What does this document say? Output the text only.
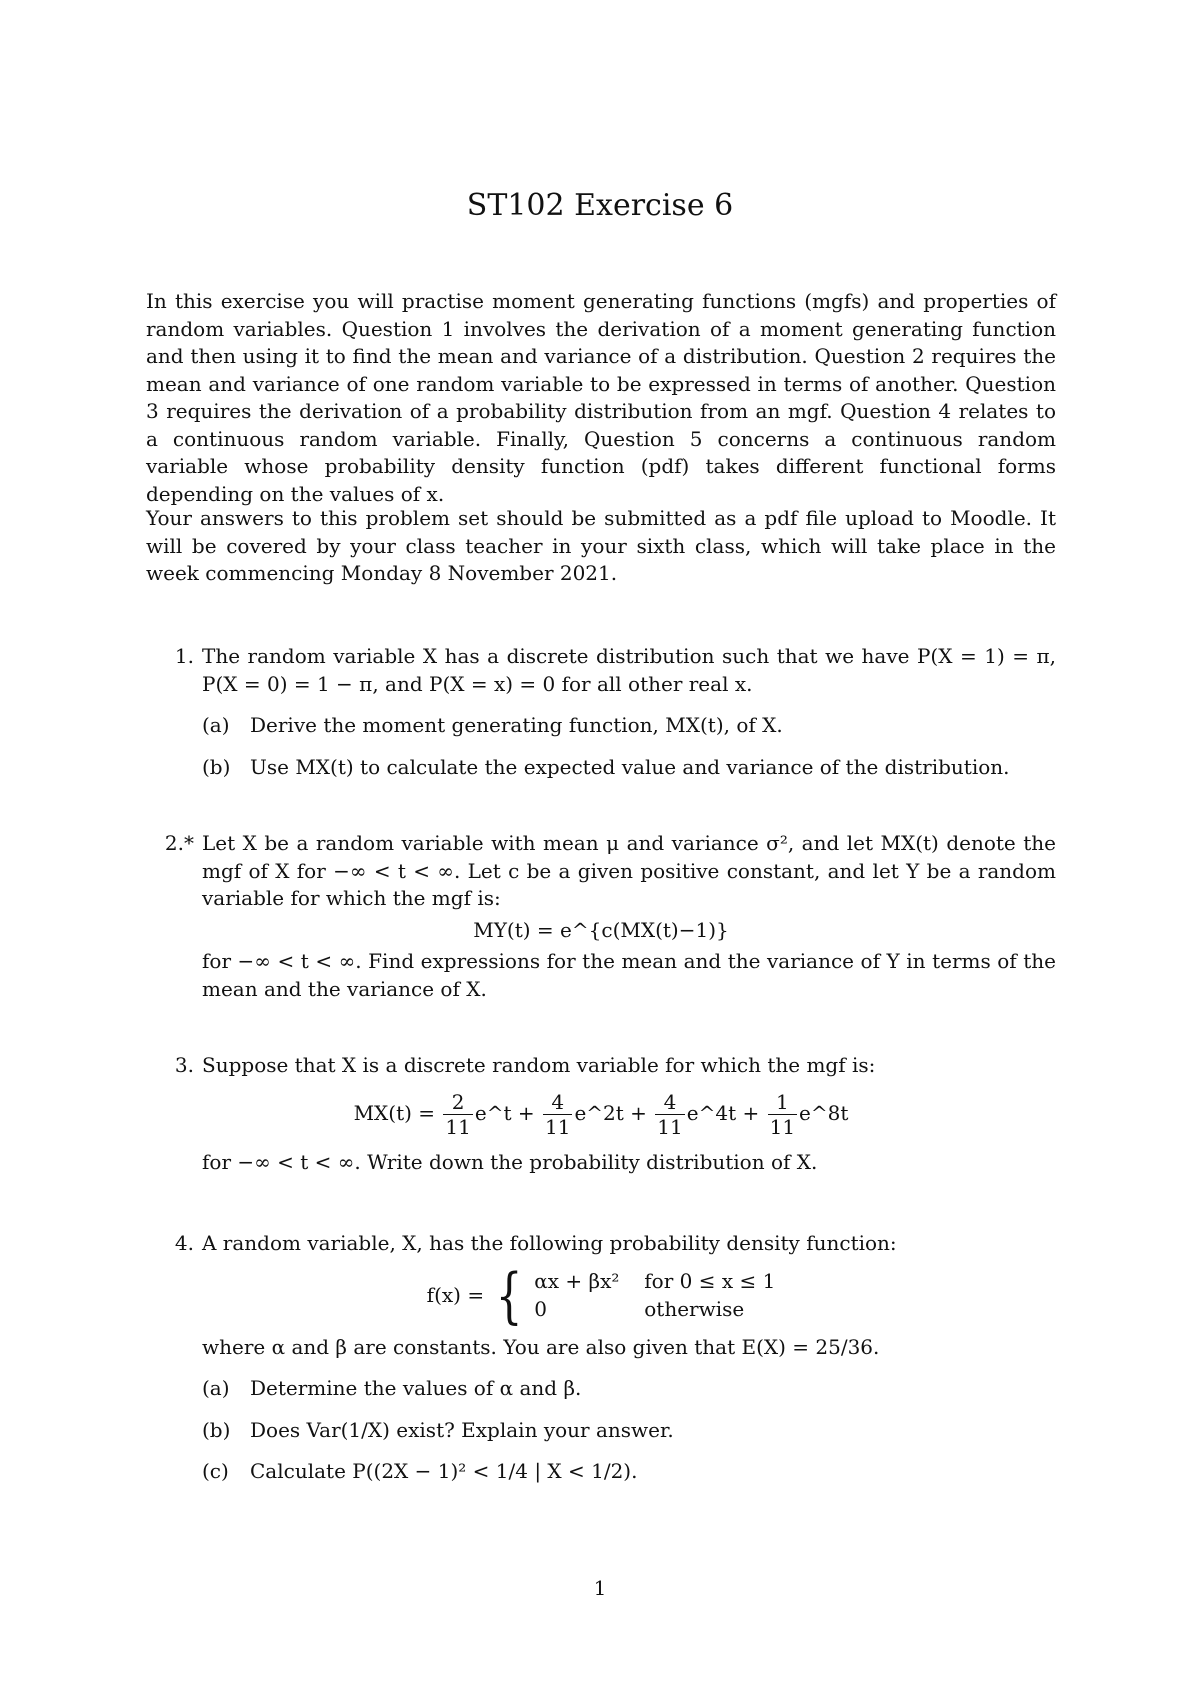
ST102 Exercise 6

In this exercise you will practise moment generating functions (mgfs) and properties of random variables. Question 1 involves the derivation of a moment generating function and then using it to find the mean and variance of a distribution. Question 2 requires the mean and variance of one random variable to be expressed in terms of another. Question 3 requires the derivation of a probability distribution from an mgf. Question 4 relates to a continuous random variable. Finally, Question 5 concerns a continuous random variable whose probability density function (pdf) takes different functional forms depending on the values of x.

Your answers to this problem set should be submitted as a pdf file upload to Moodle. It will be covered by your class teacher in your sixth class, which will take place in the week commencing Monday 8 November 2021.

1. The random variable X has a discrete distribution such that we have P(X = 1) = π, P(X = 0) = 1 − π, and P(X = x) = 0 for all other real x.
(a) Derive the moment generating function, MX(t), of X.
(b) Use MX(t) to calculate the expected value and variance of the distribution.
2.* Let X be a random variable with mean μ and variance σ², and let MX(t) denote the mgf of X for −∞ < t < ∞. Let c be a given positive constant, and let Y be a random variable for which the mgf is:
MY(t) = e^{c(MX(t)−1)}
for −∞ < t < ∞. Find expressions for the mean and the variance of Y in terms of the mean and the variance of X.
3. Suppose that X is a discrete random variable for which the mgf is:
$MX(t) = \frac{2}{11}$ e^t + $\frac{4}{11}$ e^2t + $\frac{4}{11}$ e^4t + $\frac{1}{11}$ e^8t
for −∞ < t < ∞. Write down the probability distribution of X.
4. A random variable, X, has the following probability density function:
f(x) = { αx + βx²	for 0 ≤ x ≤ 1
0	otherwise
where α and β are constants. You are also given that E(X) = 25/36.
(a) Determine the values of α and β.
(b) Does Var(1/X) exist? Explain your answer.
(c) Calculate P((2X − 1)² < 1/4 | X < 1/2).
1
